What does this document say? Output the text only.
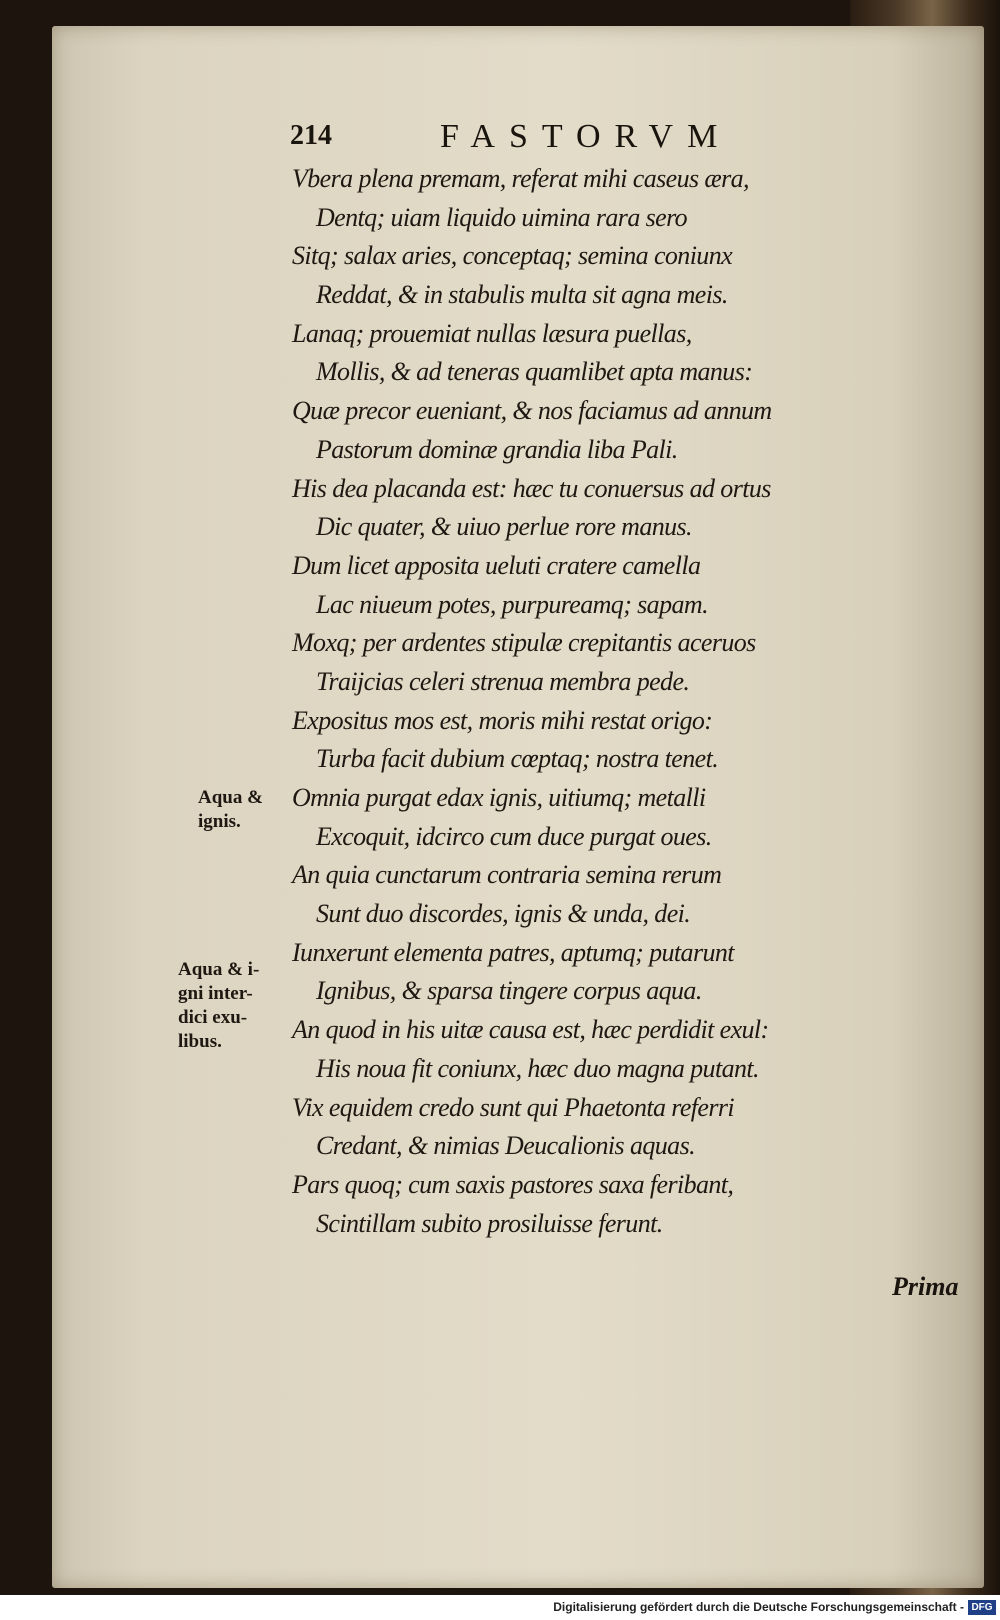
214	FASTORVM
Vbera plena premam, referat mihi caseus æra,
Dentq; uiam liquido uimina rara sero
Sitq; salax aries, conceptaq; semina coniunx
Reddat, & in stabulis multa sit agna meis.
Lanaq; prouemiat nullas læsura puellas,
Mollis, & ad teneras quamlibet apta manus:
Quæ precor eueniant, & nos faciamus ad annum
Pastorum dominæ grandia liba Pali.
His dea placanda est: hæc tu conuersus ad ortus
Dic quater, & uiuo perlue rore manus.
Dum licet apposita ueluti cratere camella
Lac niueum potes, purpureamq; sapam.
Moxq; per ardentes stipulæ crepitantis aceruos
Traijcias celeri strenua membra pede.
Expositus mos est, moris mihi restat origo:
Turba facit dubium cœptaq; nostra tenet.
Omnia purgat edax ignis, uitiumq; metalli
Excoquit, idcirco cum duce purgat oues.
An quia cunctarum contraria semina rerum
Sunt duo discordes, ignis & unda, dei.
Iunxerunt elementa patres, aptumq; putarunt
Ignibus, & sparsa tingere corpus aqua.
An quod in his uitæ causa est, hæc perdidit exul:
His noua fit coniunx, hæc duo magna putant.
Vix equidem credo sunt qui Phaetonta referri
Credant, & nimias Deucalionis aquas.
Pars quoq; cum saxis pastores saxa feribant,
Scintillam subito prosiluisse ferunt.
Aqua &
ignis.
Aqua & i-
gni inter-
dici exu-
libus.
Prima
Digitalisierung gefördert durch die Deutsche Forschungsgemeinschaft - DFG
